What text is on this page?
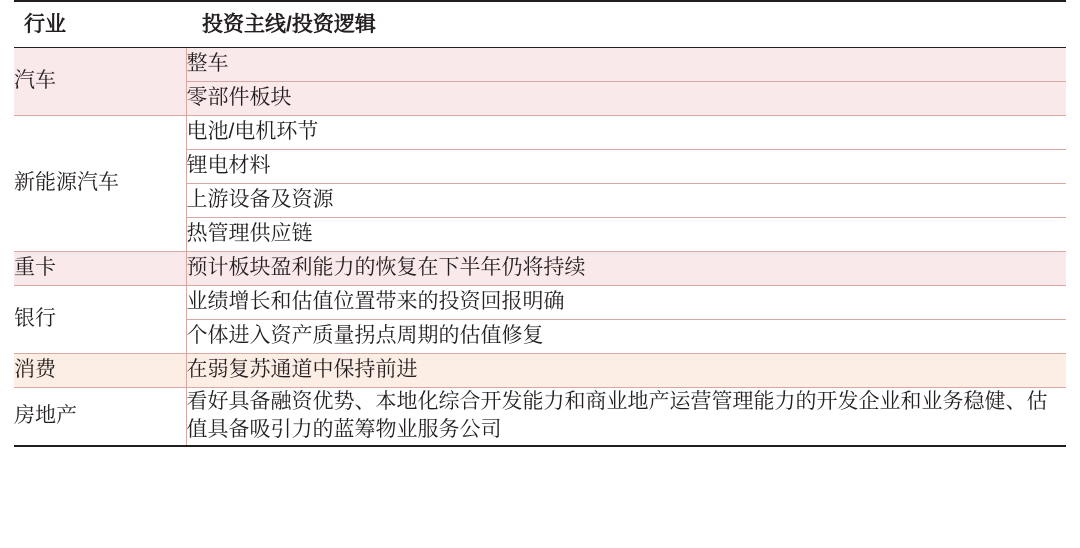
行业	投资主线/投资逻辑
汽车	整车
	零部件板块
新能源汽车	电池/电机环节
	锂电材料
	上游设备及资源
	热管理供应链
重卡	预计板块盈利能力的恢复在下半年仍将持续
银行	业绩增长和估值位置带来的投资回报明确
	个体进入资产质量拐点周期的估值修复
消费	在弱复苏通道中保持前进
房地产	看好具备融资优势、本地化综合开发能力和商业地产运营管理能力的开发企业和业务稳健、估值具备吸引力的蓝筹物业服务公司
